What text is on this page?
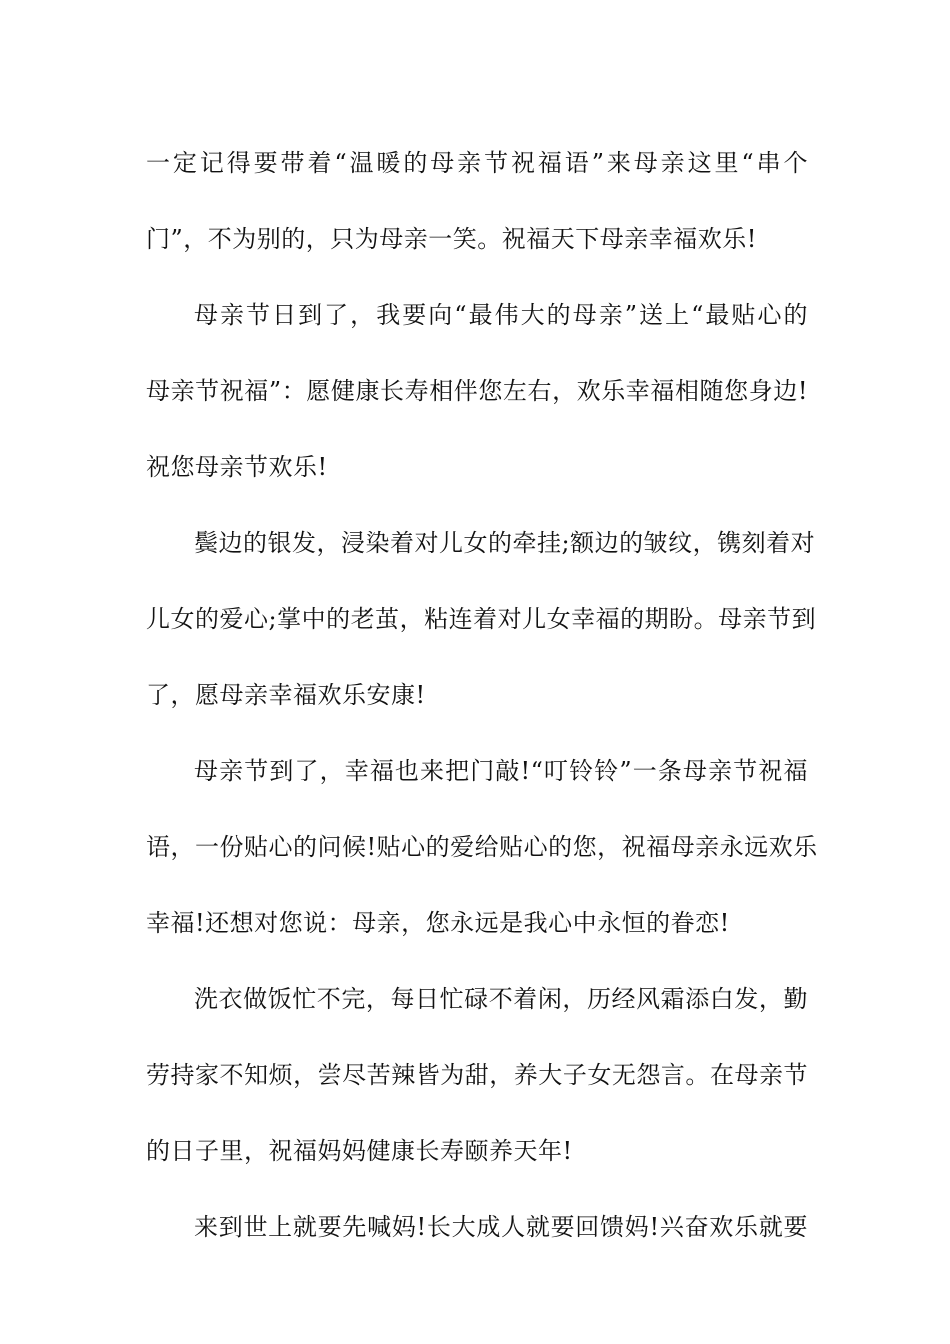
一定记得要带着“温暖的母亲节祝福语”来母亲这里“串个
门”，不为别的，只为母亲一笑。祝福天下母亲幸福欢乐!
母亲节日到了，我要向“最伟大的母亲”送上“最贴心的
母亲节祝福”：愿健康长寿相伴您左右，欢乐幸福相随您身边!
祝您母亲节欢乐!
鬓边的银发，浸染着对儿女的牵挂;额边的皱纹，镌刻着对
儿女的爱心;掌中的老茧，粘连着对儿女幸福的期盼。母亲节到
了，愿母亲幸福欢乐安康!
母亲节到了，幸福也来把门敲!“叮铃铃”一条母亲节祝福
语，一份贴心的问候!贴心的爱给贴心的您，祝福母亲永远欢乐
幸福!还想对您说：母亲，您永远是我心中永恒的眷恋!
洗衣做饭忙不完，每日忙碌不着闲，历经风霜添白发，勤
劳持家不知烦，尝尽苦辣皆为甜，养大子女无怨言。在母亲节
的日子里，祝福妈妈健康长寿颐养天年!
来到世上就要先喊妈!长大成人就要回馈妈!兴奋欢乐就要
